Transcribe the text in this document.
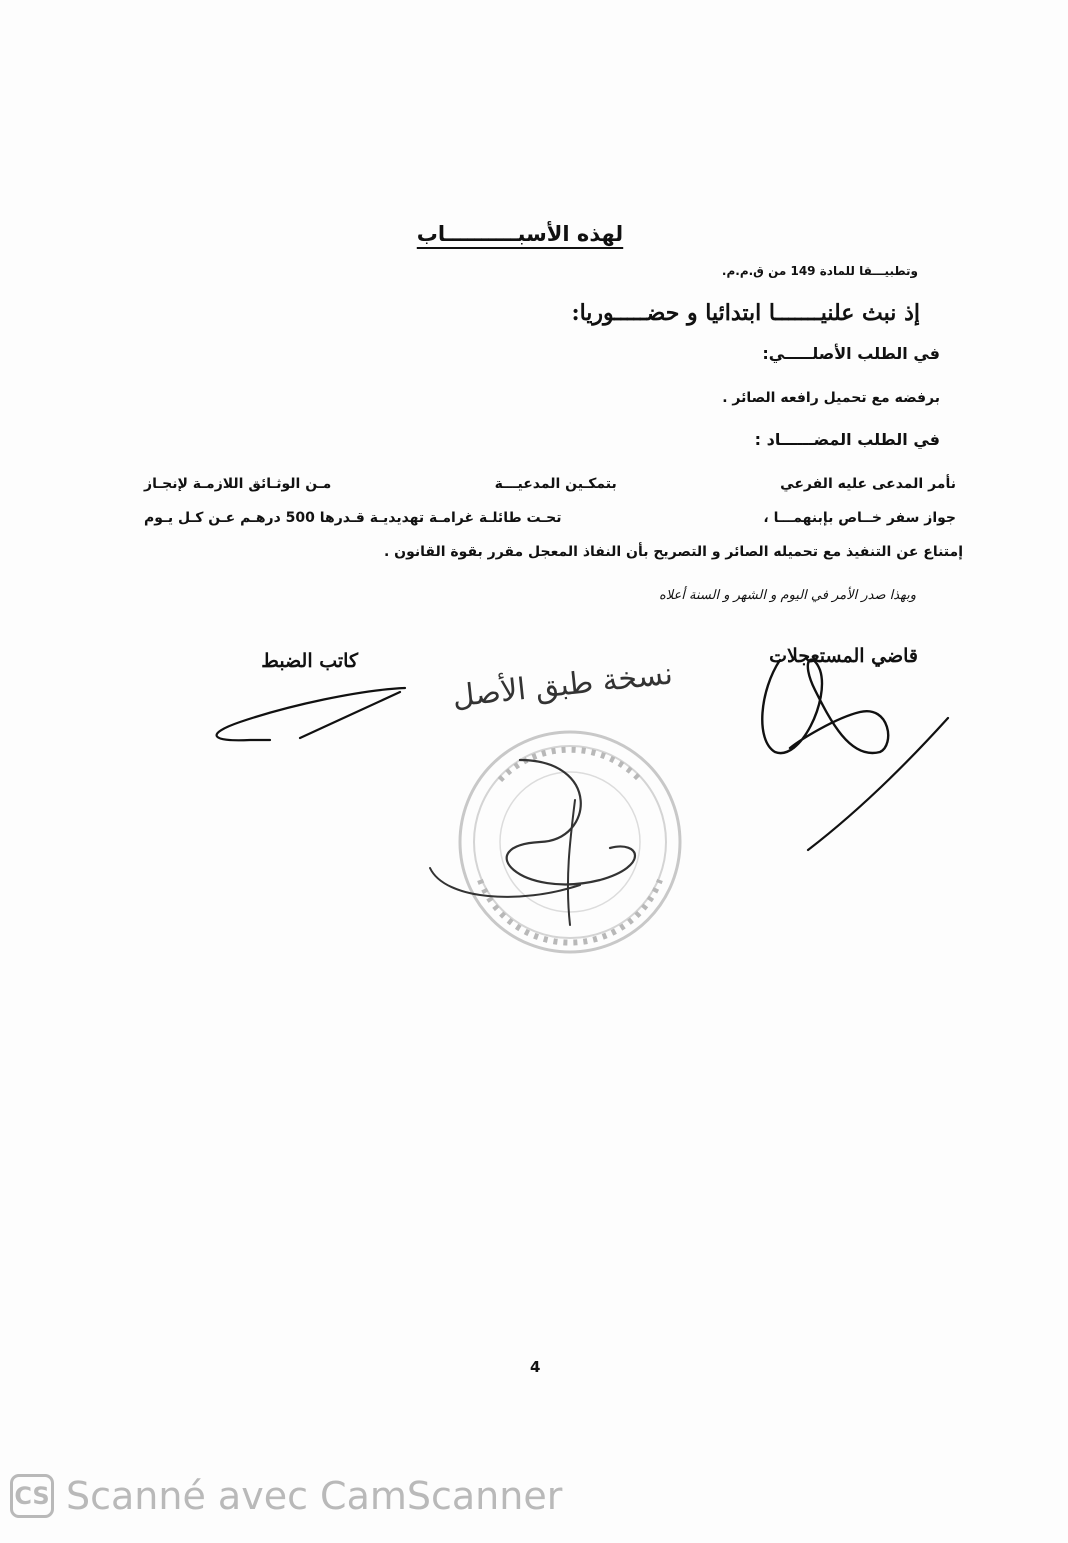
لهذه الأسبــــــــــاب
وتطبيـــقا للمادة 149 من ق.م.م.
إذ نبث علنيـــــــا ابتدائيا و حضـــــوريا:
في الطلب الأصلـــــي:
برفضه مع تحميل رافعه الصائر .
في الطلب المضــــــاد :
نأمر المدعى عليه الفرعي
بتمكـين المدعيـــة
مـن الوثـائق اللازمـة لإنجـاز
جواز سفر خــاص بإبنهمـــا ،
تحـت طائلـة غرامـة تهديديـة قـدرها 500 درهـم عـن كـل يـوم
إمتناع عن التنفيذ مع تحميله الصائر و التصريح بأن النفاذ المعجل مقرر بقوة القانون .
وبهذا صدر الأمر في اليوم و الشهر و السنة أعلاه
قاضي المستعجلات
كاتب الضبط	نسخة طبق الأصل
4
CS Scanné avec CamScanner
